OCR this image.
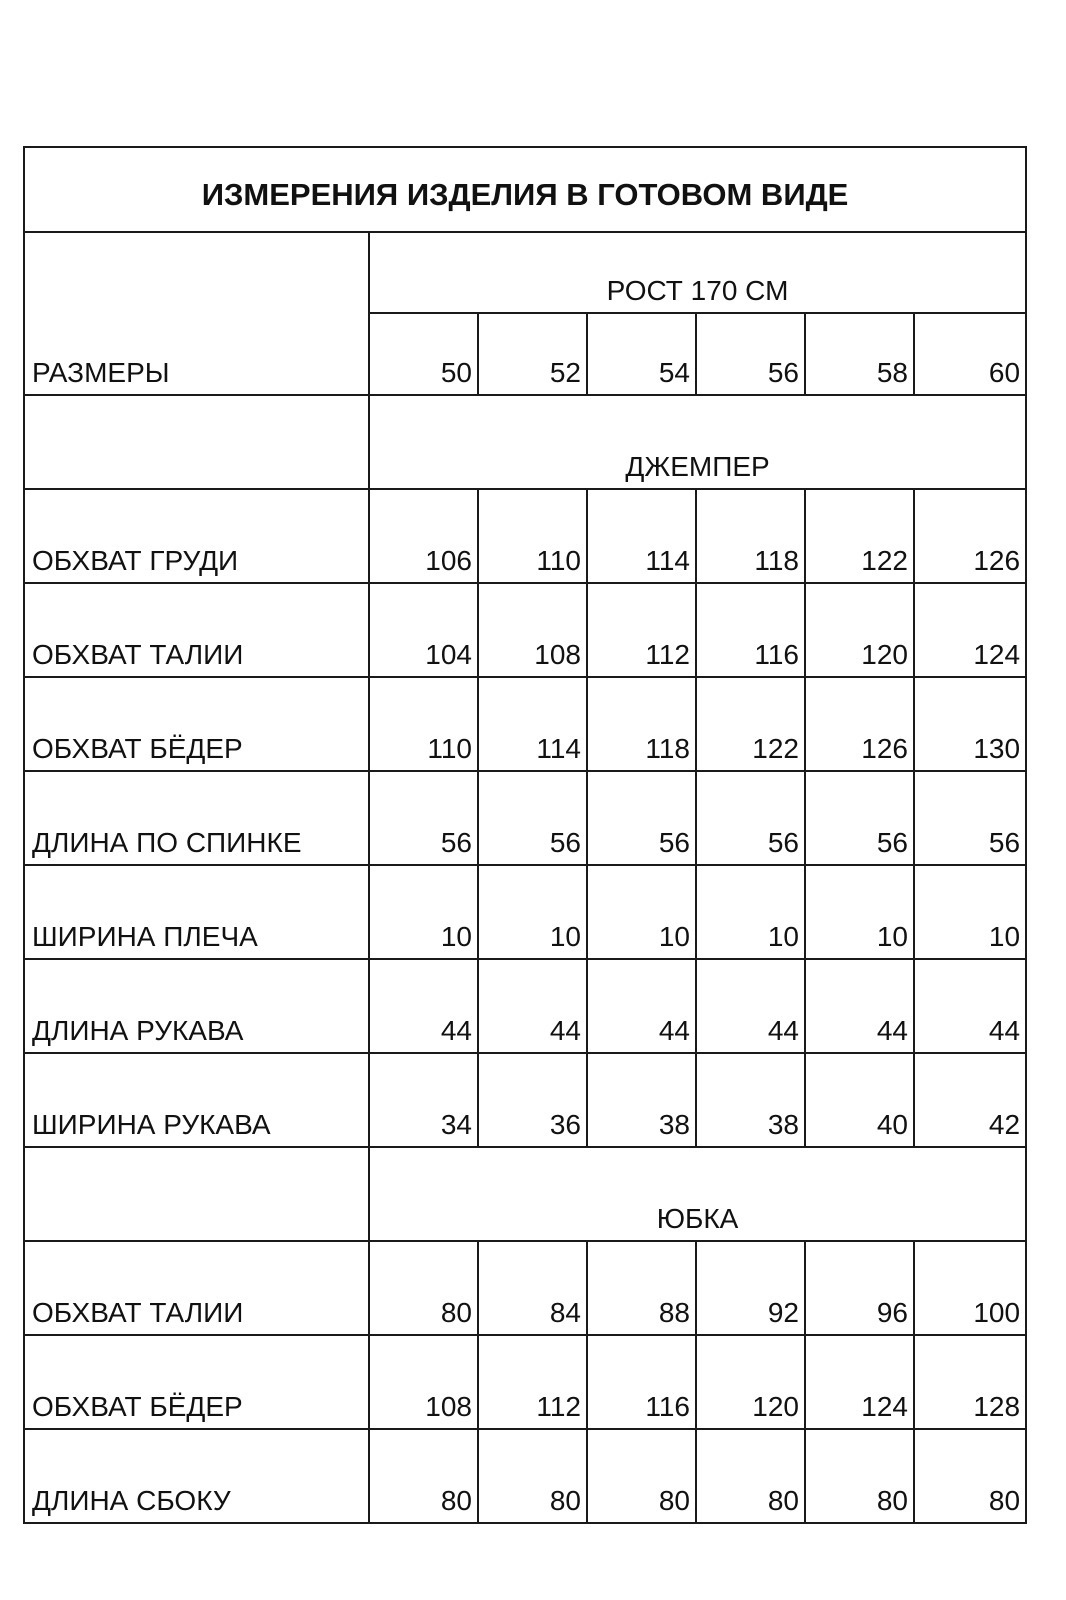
ИЗМЕРЕНИЯ ИЗДЕЛИЯ В ГОТОВОМ ВИДЕ						
РАЗМЕРЫ	РОСТ 170 СМ					
	50	52	54	56	58	60
	ДЖЕМПЕР					
ОБХВАТ ГРУДИ	106	110	114	118	122	126
ОБХВАТ ТАЛИИ	104	108	112	116	120	124
ОБХВАТ БЁДЕР	110	114	118	122	126	130
ДЛИНА ПО СПИНКЕ	56	56	56	56	56	56
ШИРИНА ПЛЕЧА	10	10	10	10	10	10
ДЛИНА РУКАВА	44	44	44	44	44	44
ШИРИНА РУКАВА	34	36	38	38	40	42
	ЮБКА					
ОБХВАТ ТАЛИИ	80	84	88	92	96	100
ОБХВАТ БЁДЕР	108	112	116	120	124	128
ДЛИНА СБОКУ	80	80	80	80	80	80
